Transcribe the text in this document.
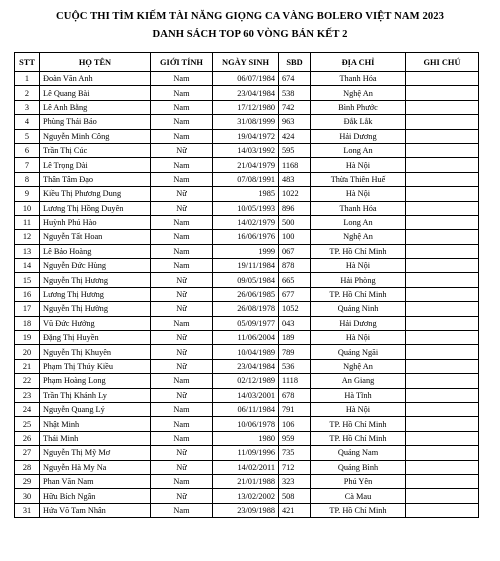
CUỘC THI TÌM KIẾM TÀI NĂNG GIỌNG CA VÀNG BOLERO VIỆT NAM 2023
DANH SÁCH TOP 60 VÒNG BÁN KẾT 2
STT	HỌ TÊN	GIỚI TÍNH	NGÀY SINH	SBD	ĐỊA CHỈ	GHI CHÚ
1	Đoàn Văn Anh	Nam	06/07/1984	674	Thanh Hóa	
2	Lê Quang Bài	Nam	23/04/1984	538	Nghệ An	
3	Lê Anh Bằng	Nam	17/12/1980	742	Bình Phước	
4	Phùng Thái Bảo	Nam	31/08/1999	963	Đắk Lắk	
5	Nguyễn Minh Công	Nam	19/04/1972	424	Hải Dương	
6	Trần Thị Cúc	Nữ	14/03/1992	595	Long An	
7	Lê Trọng Dài	Nam	21/04/1979	1168	Hà Nội	
8	Thân Tâm Đạo	Nam	07/08/1991	483	Thừa Thiên Huế	
9	Kiều Thị Phương Dung	Nữ	1985	1022	Hà Nội	
10	Lương Thị Hồng Duyên	Nữ	10/05/1993	896	Thanh Hóa	
11	Huỳnh Phú Hào	Nam	14/02/1979	500	Long An	
12	Nguyễn Tất Hoan	Nam	16/06/1976	100	Nghệ An	
13	Lê Bảo Hoàng	Nam	1999	067	TP. Hồ Chí Minh	
14	Nguyễn Đức Hùng	Nam	19/11/1984	878	Hà Nội	
15	Nguyễn Thị Hương	Nữ	09/05/1984	665	Hải Phòng	
16	Lương Thị Hương	Nữ	26/06/1985	677	TP. Hồ Chí Minh	
17	Nguyễn Thị Hường	Nữ	26/08/1978	1052	Quảng Ninh	
18	Vũ Đức Hưởng	Nam	05/09/1977	043	Hải Dương	
19	Đặng Thị Huyền	Nữ	11/06/2004	189	Hà Nội	
20	Nguyễn Thị Khuyên	Nữ	10/04/1989	789	Quảng Ngãi	
21	Phạm Thị Thúy Kiều	Nữ	23/04/1984	536	Nghệ An	
22	Phạm Hoàng Long	Nam	02/12/1989	1118	An Giang	
23	Trần Thị Khánh Ly	Nữ	14/03/2001	678	Hà Tĩnh	
24	Nguyễn Quang Lý	Nam	06/11/1984	791	Hà Nội	
25	Nhật Minh	Nam	10/06/1978	106	TP. Hồ Chí Minh	
26	Thái Minh	Nam	1980	959	TP. Hồ Chí Minh	
27	Nguyễn Thị Mỹ Mơ	Nữ	11/09/1996	735	Quảng Nam	
28	Nguyễn Hà My Na	Nữ	14/02/2011	712	Quảng Bình	
29	Phan Văn Nam	Nam	21/01/1988	323	Phú Yên	
30	Hữu Bích Ngân	Nữ	13/02/2002	508	Cà Mau	
31	Hứa Võ Tam Nhân	Nam	23/09/1988	421	TP. Hồ Chí Minh	
